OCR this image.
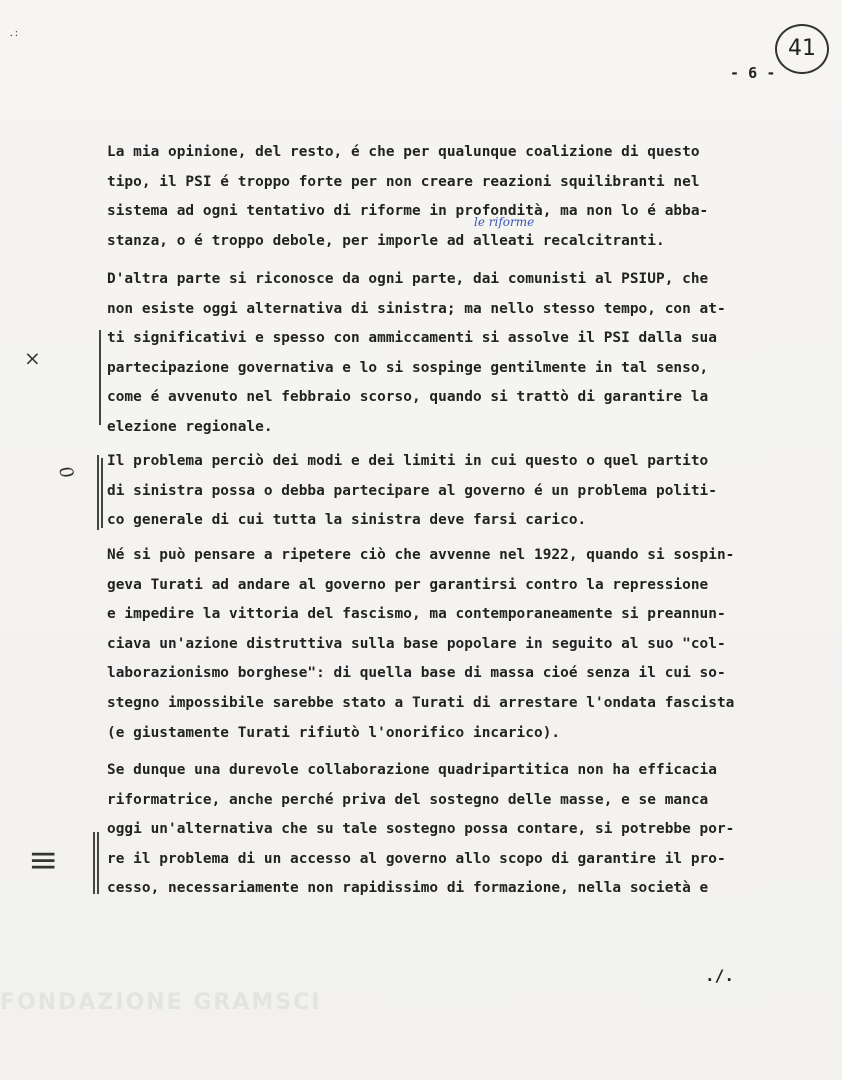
. :
41
- 6 -
La mia opinione, del resto, é che per qualunque coalizione di questo
tipo, il PSI é troppo forte per non creare reazioni squilibranti nel
sistema ad ogni tentativo di riforme in profondità, ma non lo é abba-
stanza, o é troppo debole, per imporle ad alleati recalcitranti.
le riforme
D'altra parte si riconosce da ogni parte, dai comunisti al PSIUP, che
non esiste oggi alternativa di sinistra; ma nello stesso tempo, con at-
ti significativi e spesso con ammiccamenti si assolve il PSI dalla sua
partecipazione governativa e lo si sospinge gentilmente in tal senso,
come é avvenuto nel febbraio scorso, quando si trattò di garantire la
elezione regionale.
×
Il problema perciò dei modi e dei limiti in cui questo o quel partito
di sinistra possa o debba partecipare al governo é un problema politi-
co generale di cui tutta la sinistra deve farsi carico.
0
Né si può pensare a ripetere ciò che avvenne nel 1922, quando si sospin-
geva Turati ad andare al governo per garantirsi contro la repressione
e impedire la vittoria del fascismo, ma contemporaneamente si preannun-
ciava un'azione distruttiva sulla base popolare in seguito al suo "col-
laborazionismo borghese": di quella base di massa cioé senza il cui so-
stegno impossibile sarebbe stato a Turati di arrestare l'ondata fascista
(e giustamente Turati rifiutò l'onorifico incarico).
Se dunque una durevole collaborazione quadripartitica non ha efficacia
riformatrice, anche perché priva del sostegno delle masse, e se manca
oggi un'alternativa che su tale sostegno possa contare, si potrebbe por-
re il problema di un accesso al governo allo scopo di garantire il pro-
cesso, necessariamente non rapidissimo di formazione, nella società e
≡
./.
FONDAZIONE GRAMSCI
